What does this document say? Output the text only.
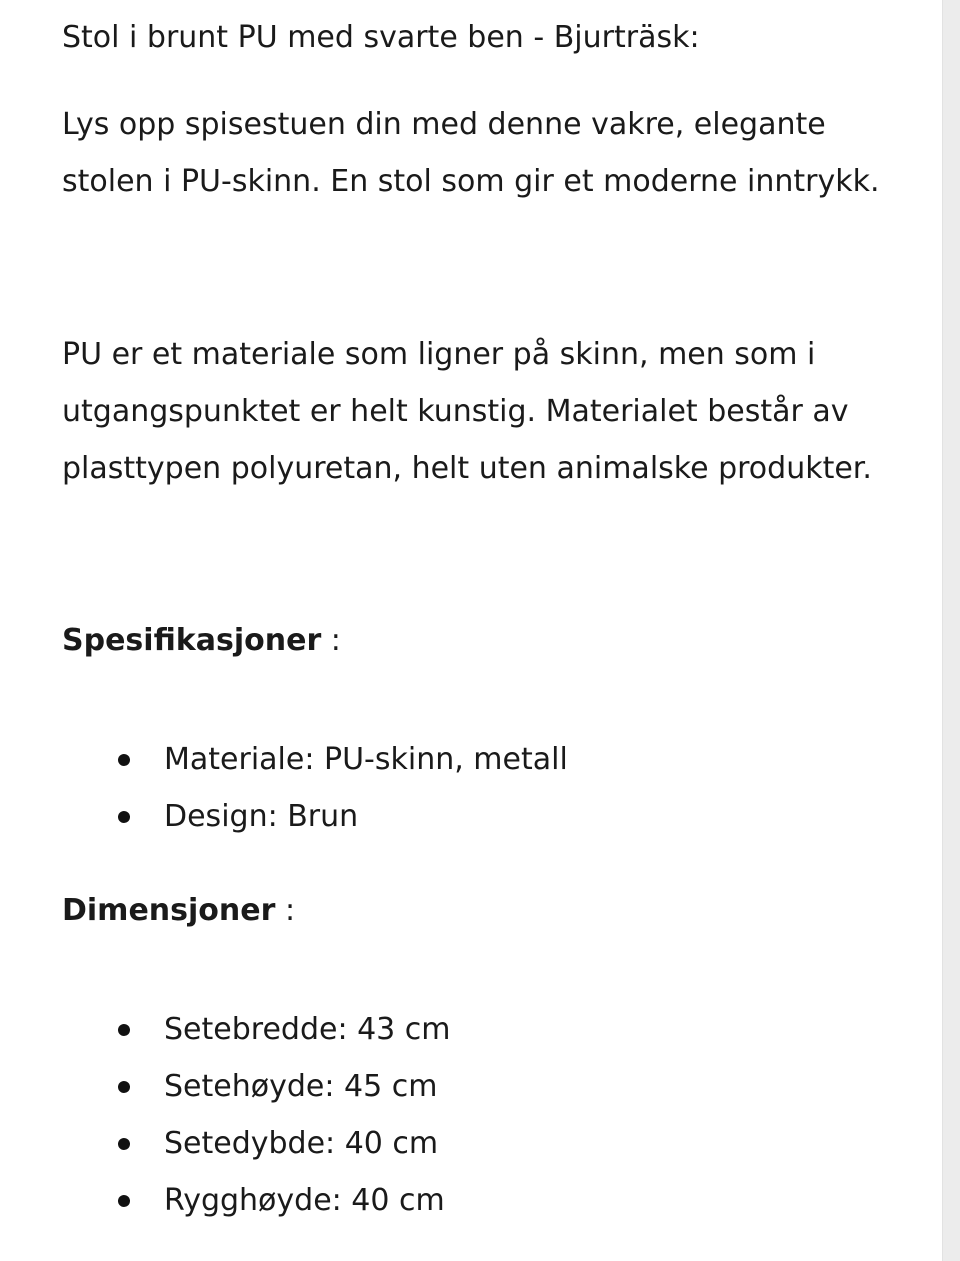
Stol i brunt PU med svarte ben - Bjurträsk:

Lys opp spisestuen din med denne vakre, elegante stolen i PU-skinn. En stol som gir et moderne inntrykk.

PU er et materiale som ligner på skinn, men som i utgangspunktet er helt kunstig. Materialet består av plasttypen polyuretan, helt uten animalske produkter.

Spesifikasjoner :

Materiale: PU-skinn, metall
Design: Brun

Dimensjoner :

Setebredde: 43 cm
Setehøyde: 45 cm
Setedybde: 40 cm
Rygghøyde: 40 cm
